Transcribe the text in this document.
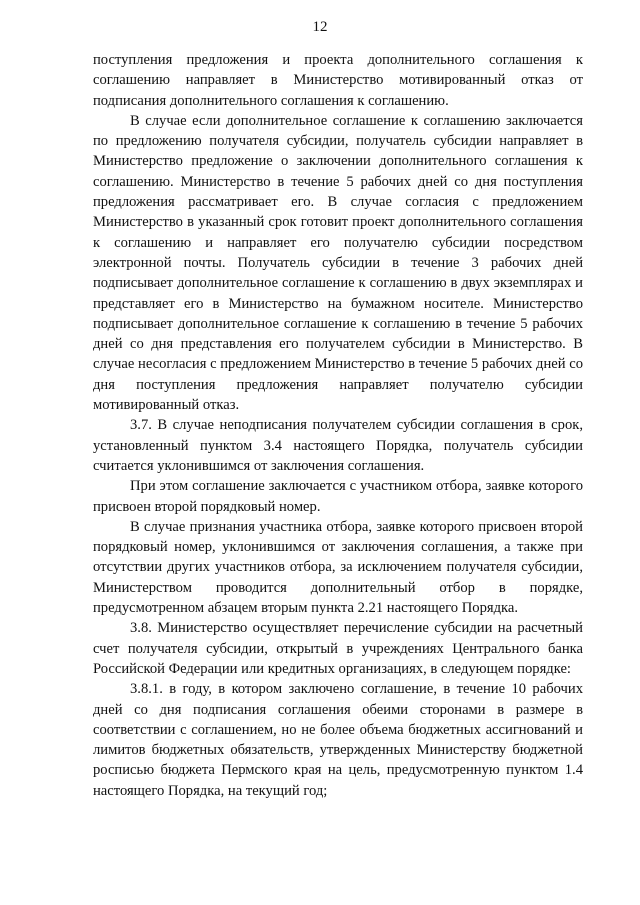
12

поступления предложения и проекта дополнительного соглашения к соглашению направляет в Министерство мотивированный отказ от подписания дополнительного соглашения к соглашению.

В случае если дополнительное соглашение к соглашению заключается по предложению получателя субсидии, получатель субсидии направляет в Министерство предложение о заключении дополнительного соглашения к соглашению. Министерство в течение 5 рабочих дней со дня поступления предложения рассматривает его. В случае согласия с предложением Министерство в указанный срок готовит проект дополнительного соглашения к соглашению и направляет его получателю субсидии посредством электронной почты. Получатель субсидии в течение 3 рабочих дней подписывает дополнительное соглашение к соглашению в двух экземплярах и представляет его в Министерство на бумажном носителе. Министерство подписывает дополнительное соглашение к соглашению в течение 5 рабочих дней со дня представления его получателем субсидии в Министерство. В случае несогласия с предложением Министерство в течение 5 рабочих дней со дня поступления предложения направляет получателю субсидии мотивированный отказ.

3.7. В случае неподписания получателем субсидии соглашения в срок, установленный пунктом 3.4 настоящего Порядка, получатель субсидии считается уклонившимся от заключения соглашения.

При этом соглашение заключается с участником отбора, заявке которого присвоен второй порядковый номер.

В случае признания участника отбора, заявке которого присвоен второй порядковый номер, уклонившимся от заключения соглашения, а также при отсутствии других участников отбора, за исключением получателя субсидии, Министерством проводится дополнительный отбор в порядке, предусмотренном абзацем вторым пункта 2.21 настоящего Порядка.

3.8. Министерство осуществляет перечисление субсидии на расчетный счет получателя субсидии, открытый в учреждениях Центрального банка Российской Федерации или кредитных организациях, в следующем порядке:

3.8.1. в году, в котором заключено соглашение, в течение 10 рабочих дней со дня подписания соглашения обеими сторонами в размере в соответствии с соглашением, но не более объема бюджетных ассигнований и лимитов бюджетных обязательств, утвержденных Министерству бюджетной росписью бюджета Пермского края на цель, предусмотренную пунктом 1.4 настоящего Порядка, на текущий год;
